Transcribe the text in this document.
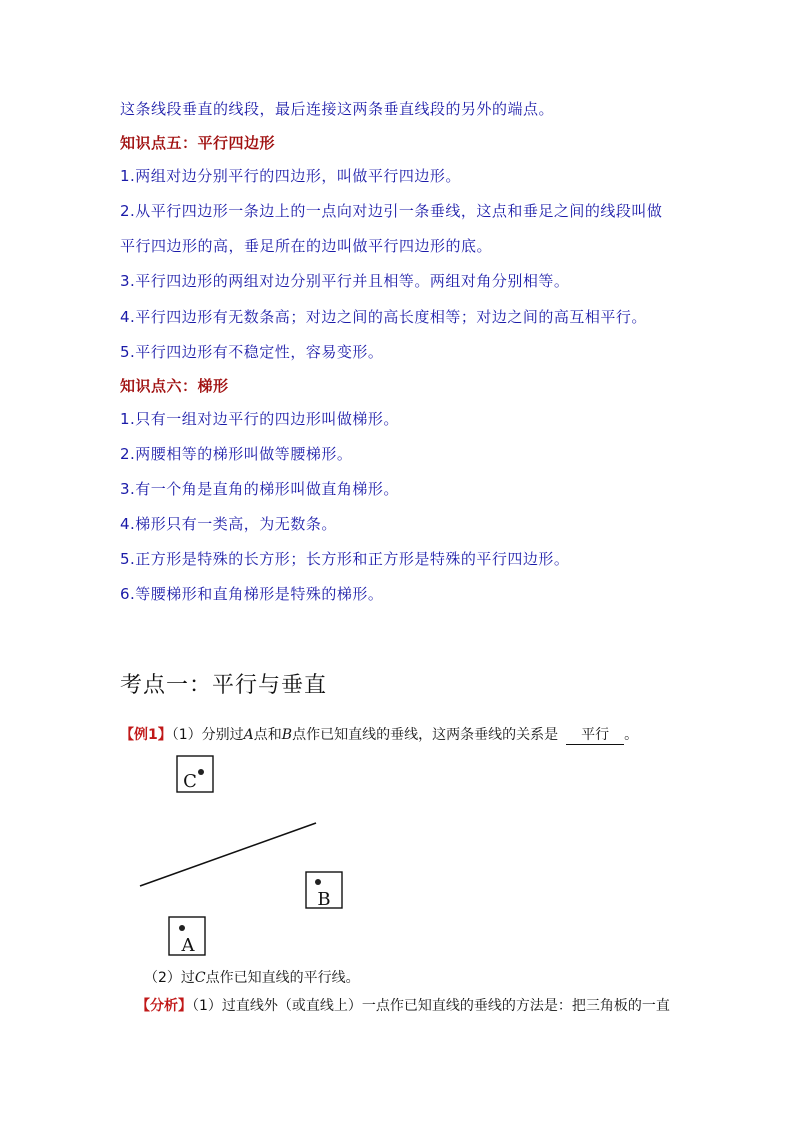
这条线段垂直的线段，最后连接这两条垂直线段的另外的端点。
知识点五：平行四边形
1.两组对边分别平行的四边形，叫做平行四边形。
2.从平行四边形一条边上的一点向对边引一条垂线，这点和垂足之间的线段叫做
平行四边形的高，垂足所在的边叫做平行四边形的底。
3.平行四边形的两组对边分别平行并且相等。两组对角分别相等。
4.平行四边形有无数条高；对边之间的高长度相等；对边之间的高互相平行。
5.平行四边形有不稳定性，容易变形。
知识点六：梯形
1.只有一组对边平行的四边形叫做梯形。
2.两腰相等的梯形叫做等腰梯形。
3.有一个角是直角的梯形叫做直角梯形。
4.梯形只有一类高，为无数条。
5.正方形是特殊的长方形；长方形和正方形是特殊的平行四边形。
6.等腰梯形和直角梯形是特殊的梯形。
考点一：平行与垂直
【例1】（1）分别过A点和B点作已知直线的垂线，这两条垂线的关系是 平行 。
C
B
A
（2）过C点作已知直线的平行线。
【分析】（1）过直线外（或直线上）一点作已知直线的垂线的方法是：把三角板的一直
